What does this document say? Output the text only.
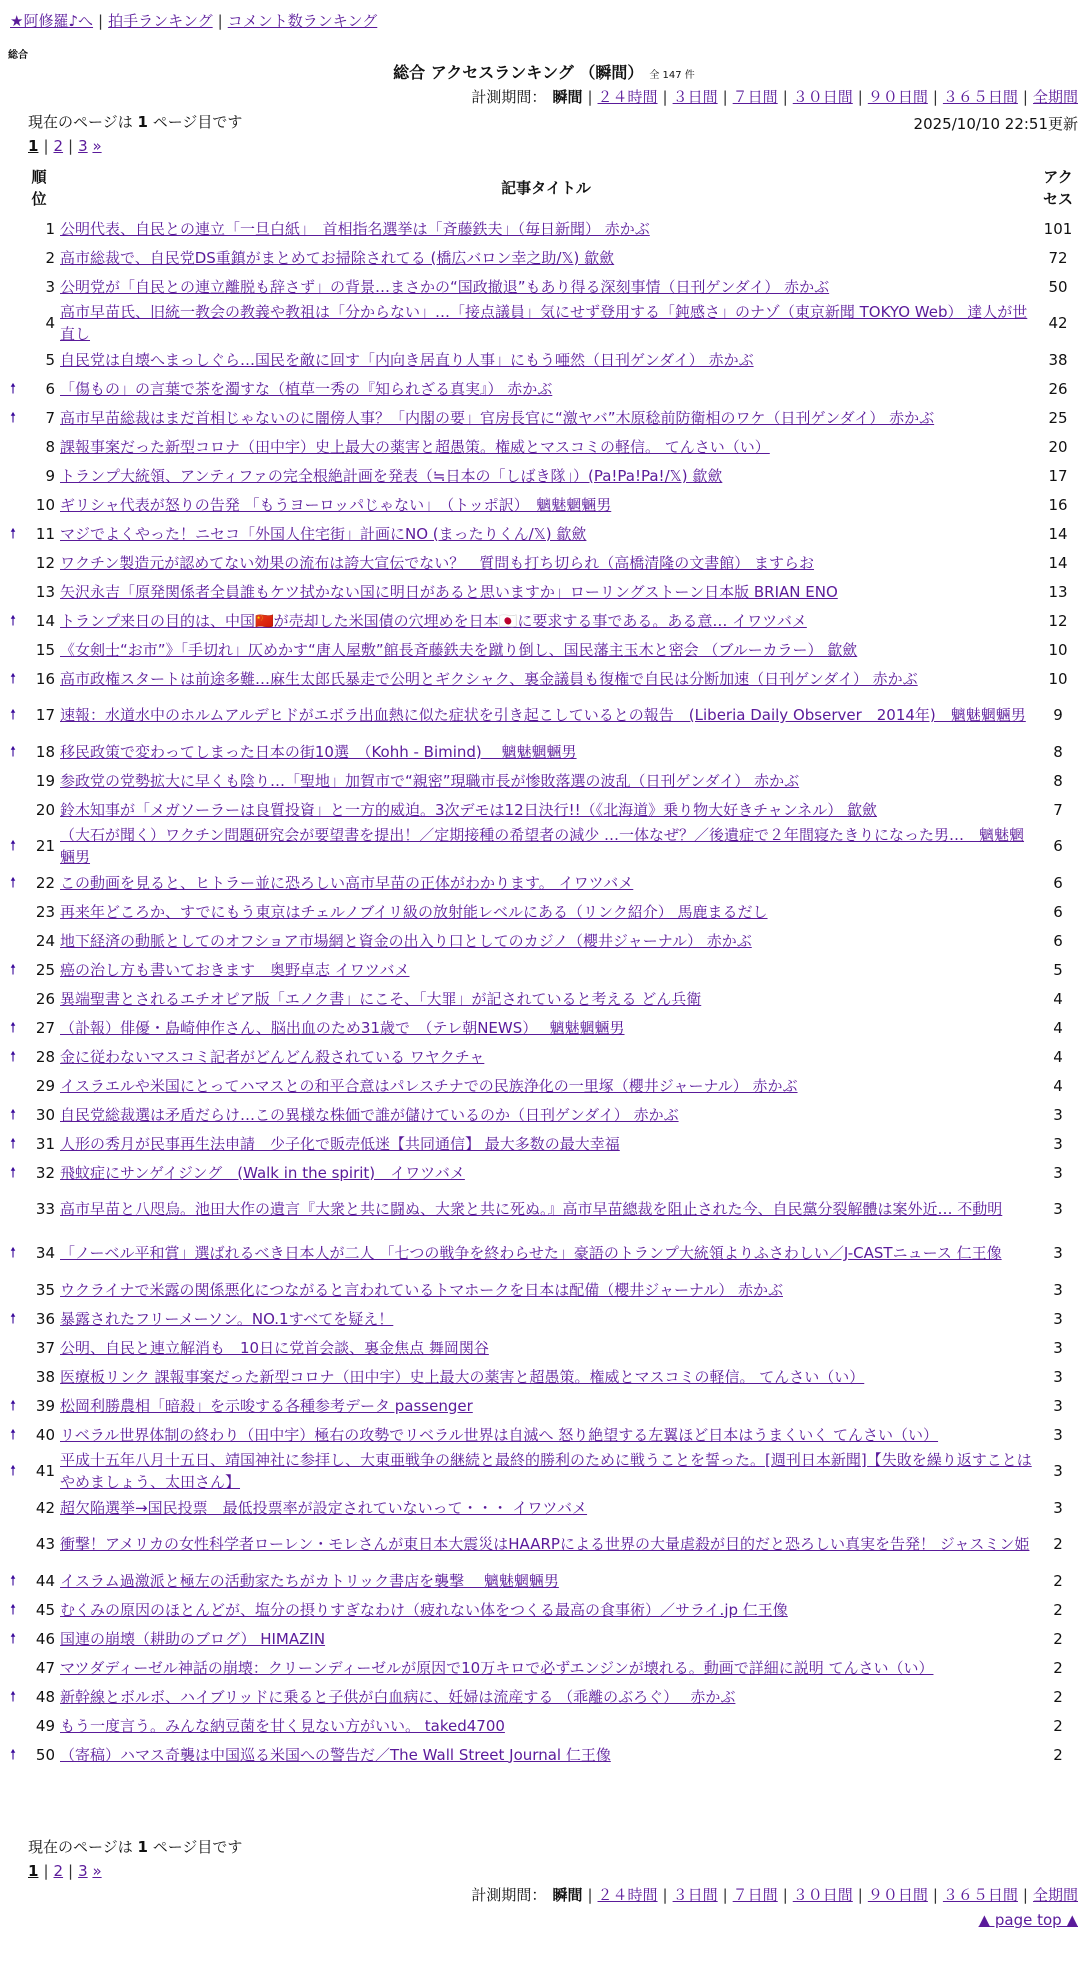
★阿修羅♪へ | 拍手ランキング | コメント数ランキング
総合
総合 アクセスランキング （瞬間） 全 147 件
計測期間： 瞬間 | ２４時間 | ３日間 | ７日間 | ３０日間 | ９０日間 | ３６５日間 | 全期間
現在のページは 1 ページ目です	2025/10/10 22:51更新
1 | 2 | 3 »
	順位	記事タイトル	アクセス
	1	公明代表、自民との連立「一旦白紙」　首相指名選挙は「斉藤鉄夫」（毎日新聞） 赤かぶ	101
	2	高市総裁で、自民党DS重鎮がまとめてお掃除されてる (橋広バロン幸之助/𝕏) 歙歛	72
	3	公明党が「自民との連立離脱も辞さず」の背景…まさかの“国政撤退”もあり得る深刻事情（日刊ゲンダイ） 赤かぶ	50
	4	高市早苗氏、旧統一教会の教義や教祖は「分からない」…「接点議員」気にせず登用する「鈍感さ」のナゾ（東京新聞 TOKYO Web） 達人が世直し	42
	5	自民党は自壊へまっしぐら…国民を敵に回す「内向き居直り人事」にもう唖然（日刊ゲンダイ） 赤かぶ	38
🠕	6	「傷もの」の言葉で茶を濁すな（植草一秀の『知られざる真実』） 赤かぶ	26
🠕	7	高市早苗総裁はまだ首相じゃないのに闇傍人事？「内閣の要」官房長官に“激ヤバ”木原稔前防衛相のワケ（日刊ゲンダイ） 赤かぶ	25
	8	課報事案だった新型コロナ（田中宇）史上最大の薬害と超愚策。権威とマスコミの軽信。 てんさい（い）	20
	9	トランプ大統領、アンティファの完全根絶計画を発表（≒日本の「しばき隊」）(Pa!Pa!Pa!/𝕏) 歙歛	17
	10	ギリシャ代表が怒りの告発 「もうヨーロッパじゃない」　（トッポ訳）　魑魅魍魎男	16
🠕	11	マジでよくやった！ニセコ「外国人住宅街」計画にNO (まったりくん/𝕏) 歙歛	14
	12	ワクチン製造元が認めてない効果の流布は誇大宣伝でない？　質問も打ち切られ（高橋清隆の文書館） ますらお	14
	13	矢沢永吉「原発関係者全員誰もケツ拭かない国に明日があると思いますか」ローリングストーン日本版 BRIAN ENO	13
🠕	14	トランプ来日の目的は、中国🇨🇳が売却した米国債の穴埋めを日本🇯🇵に要求する事である。ある意… イワツバメ	12
	15	《女剣士“お市”》「手切れ」仄めかす“唐人屋敷”館長斉藤鉄夫を蹴り倒し、国民藩主玉木と密会 （ブルーカラー） 歙歛	10
🠕	16	高市政権スタートは前途多難…麻生太郎氏暴走で公明とギクシャク、裏金議員も復権で自民は分断加速（日刊ゲンダイ） 赤かぶ	10
🠕	17	速報：水道水中のホルムアルデヒドがエボラ出血熱に似た症状を引き起こしているとの報告　(Liberia Daily Observer　2014年)　魑魅魍魎男	9
🠕	18	移民政策で変わってしまった日本の街10選　（Kohh - Bimind)　 魑魅魍魎男	8
	19	参政党の党勢拡大に早くも陰り…「聖地」加賀市で“親密”現職市長が惨敗落選の波乱（日刊ゲンダイ） 赤かぶ	8
	20	鈴木知事が「メガソーラーは良質投資」と一方的威迫。3次デモは12日決行!!（《北海道》乗り物大好きチャンネル） 歙歛	7
🠕	21	（大石が聞く）ワクチン問題研究会が要望書を提出！／定期接種の希望者の減少 …一体なぜ？／後遺症で２年間寝たきりになった男…　魑魅魍魎男	6
🠕	22	この動画を見ると、ヒトラー並に恐ろしい高市早苗の正体がわかります。 イワツバメ	6
	23	再来年どころか、すでにもう東京はチェルノブイリ級の放射能レベルにある（リンク紹介） 馬鹿まるだし	6
	24	地下経済の動脈としてのオフショア市場網と資金の出入り口としてのカジノ（櫻井ジャーナル） 赤かぶ	6
🠕	25	癌の治し方も書いておきます　奥野卓志 イワツバメ	5
	26	異端聖書とされるエチオピア版「エノク書」にこそ、「大罪」が記されていると考える どん兵衛	4
🠕	27	（訃報）俳優・島崎伸作さん、脳出血のため31歳で　（テレ朝NEWS）　 魑魅魍魎男	4
🠕	28	金に従わないマスコミ記者がどんどん殺されている ワヤクチャ	4
	29	イスラエルや米国にとってハマスとの和平合意はパレスチナでの民族浄化の一里塚（櫻井ジャーナル） 赤かぶ	4
🠕	30	自民党総裁選は矛盾だらけ…この異様な株価で誰が儲けているのか（日刊ゲンダイ） 赤かぶ	3
🠕	31	人形の秀月が民事再生法申請　少子化で販売低迷【共同通信】 最大多数の最大幸福	3
🠕	32	飛蚊症にサンゲイジング　(Walk in the spirit)　イワツバメ	3
	33	高市早苗と八咫烏。池田大作の遺言『大衆と共に闘ぬ、大衆と共に死ぬ。』高市早苗總裁を阻止された今、自民黨分裂解體は案外近… 不動明	3
🠕	34	「ノーベル平和賞」選ばれるべき日本人が二人 「七つの戦争を終わらせた」豪語のトランプ大統領よりふさわしい／J-CASTニュース 仁王像	3
	35	ウクライナで米露の関係悪化につながると言われているトマホークを日本は配備（櫻井ジャーナル） 赤かぶ	3
🠕	36	暴露されたフリーメーソン。NO.1すべてを疑え！	3
	37	公明、自民と連立解消も　10日に党首会談、裏金焦点 舞岡関谷	3
	38	医療板リンク 課報事案だった新型コロナ（田中宇）史上最大の薬害と超愚策。権威とマスコミの軽信。 てんさい（い）	3
🠕	39	松岡利勝農相「暗殺」を示唆する各種参考データ passenger	3
🠕	40	リベラル世界体制の終わり（田中宇）極右の攻勢でリベラル世界は自滅へ 怒り絶望する左翼ほど日本はうまくいく てんさい（い）	3
🠕	41	平成十五年八月十五日、靖国神社に参拝し、大東亜戦争の継続と最終的勝利のために戦うことを誓った。[週刊日本新聞]【失敗を繰り返すことはやめましょう、太田さん】	3
	42	超欠陥選挙→国民投票　最低投票率が設定されていないって・・・ イワツバメ	3
	43	衝撃！アメリカの女性科学者ローレン・モレさんが東日本大震災はHAARPによる世界の大量虐殺が目的だと恐ろしい真実を告発！ ジャスミン姫	2
🠕	44	イスラム過激派と極左の活動家たちがカトリック書店を襲撃　 魑魅魍魎男	2
🠕	45	むくみの原因のほとんどが、塩分の摂りすぎなわけ（疲れない体をつくる最高の食事術）／サライ.jp 仁王像	2
🠕	46	国連の崩壊（耕助のブログ） HIMAZIN	2
	47	マツダディーゼル神話の崩壊：クリーンディーゼルが原因で10万キロで必ずエンジンが壊れる。動画で詳細に説明 てんさい（い）	2
🠕	48	新幹線とボルボ、ハイブリッドに乗ると子供が白血病に、妊婦は流産する （乖離のぶろぐ）　 赤かぶ	2
	49	もう一度言う。みんな納豆菌を甘く見ない方がいい。 taked4700	2
🠕	50	（寄稿）ハマス奇襲は中国巡る米国への警告だ／The Wall Street Journal 仁王像	2
現在のページは 1 ページ目です
1 | 2 | 3 »
計測期間： 瞬間 | ２４時間 | ３日間 | ７日間 | ３０日間 | ９０日間 | ３６５日間 | 全期間
▲ page top ▲
